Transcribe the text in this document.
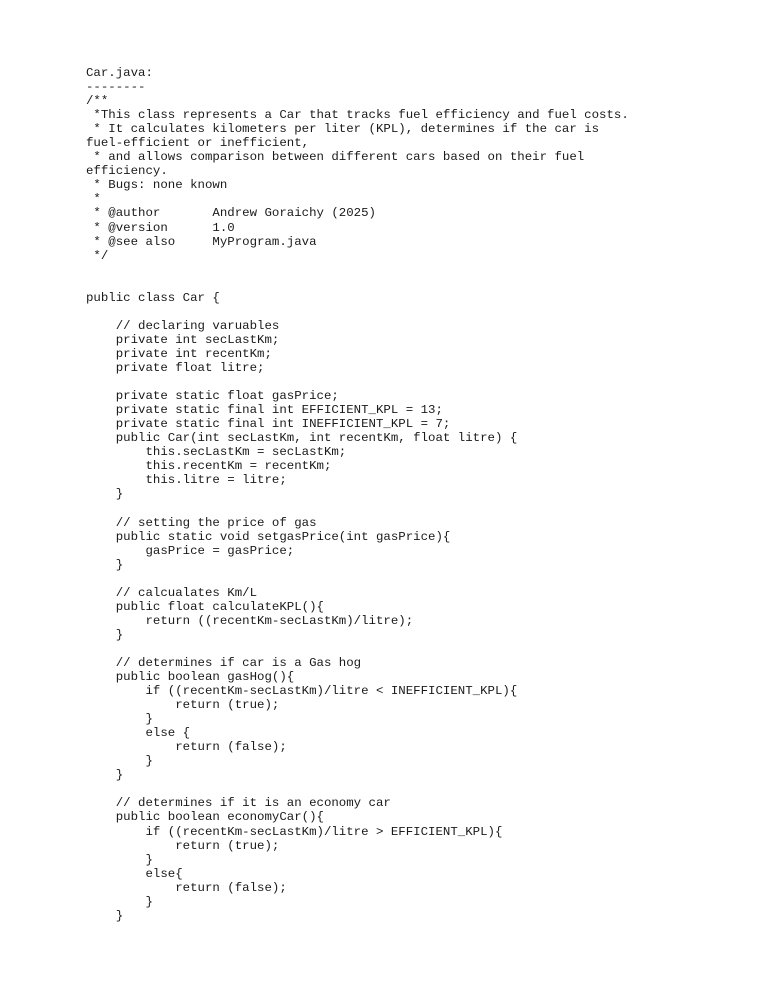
Car.java:

--------

/**

*This class represents a Car that tracks fuel efficiency and fuel costs.

* It calculates kilometers per liter (KPL), determines if the car is

fuel-efficient or inefficient,

* and allows comparison between different cars based on their fuel

efficiency.

* Bugs: none known

*

* @author       Andrew Goraichy (2025)

* @version      1.0

* @see also     MyProgram.java

*/

public class Car {

// declaring varuables

private int secLastKm;

private int recentKm;

private float litre;

private static float gasPrice;

private static final int EFFICIENT_KPL = 13;

private static final int INEFFICIENT_KPL = 7;

public Car(int secLastKm, int recentKm, float litre) {

this.secLastKm = secLastKm;

this.recentKm = recentKm;

this.litre = litre;

}

// setting the price of gas

public static void setgasPrice(int gasPrice){

gasPrice = gasPrice;

}

// calcualates Km/L

public float calculateKPL(){

return ((recentKm-secLastKm)/litre);

}

// determines if car is a Gas hog

public boolean gasHog(){

if ((recentKm-secLastKm)/litre < INEFFICIENT_KPL){

return (true);

}

else {

return (false);

}

}

// determines if it is an economy car

public boolean economyCar(){

if ((recentKm-secLastKm)/litre > EFFICIENT_KPL){

return (true);

}

else{

return (false);

}

}
